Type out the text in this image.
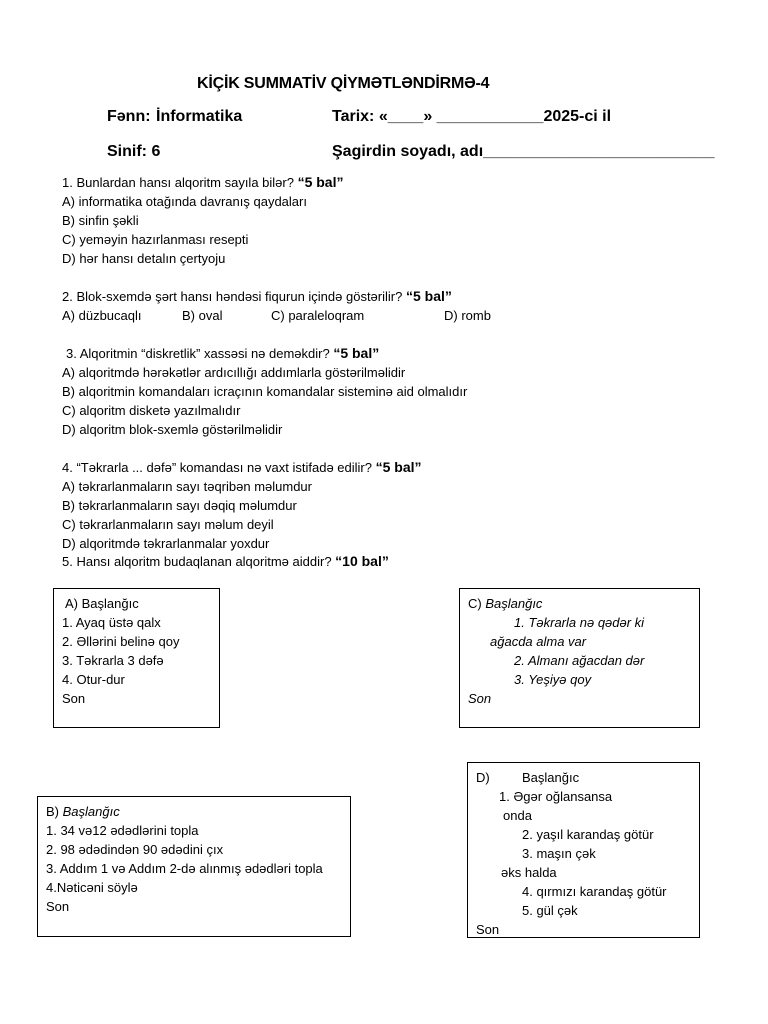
KİÇİK SUMMATİV QİYMƏTLƏNDİRMƏ-4
Fənn: İnformatika	Tarix: «____» ____________2025-ci il
Sinif: 6	Şagirdin soyadı, adı__________________________
1. Bunlardan hansı alqoritm sayıla bilər? “5 bal”
A) informatika otağında davranış qaydaları
B) sinfin şəkli
C) yeməyin hazırlanması resepti
D) hər hansı detalın çertyoju
2. Blok-sxemdə şərt hansı həndəsi fiqurun içində göstərilir? “5 bal”
A) düzbucaqlı	B) oval	C) paraleloqram	D) romb
3. Alqoritmin “diskretlik” xassəsi nə deməkdir? “5 bal”
A) alqoritmdə hərəkətlər ardıcıllığı addımlarla göstərilməlidir
B) alqoritmin komandaları icraçının komandalar sisteminə aid olmalıdır
C) alqoritm disketə yazılmalıdır
D) alqoritm blok-sxemlə göstərilməlidir
4. “Təkrarla ... dəfə” komandası nə vaxt istifadə edilir? “5 bal”
A) təkrarlanmaların sayı təqribən məlumdur
B) təkrarlanmaların sayı dəqiq məlumdur
C) təkrarlanmaların sayı məlum deyil
D) alqoritmdə təkrarlanmalar yoxdur
5. Hansı alqoritm budaqlanan alqoritmə aiddir? “10 bal”
A) Başlanğıc
1. Ayaq üstə qalx
2. Əllərini belinə qoy
3. Təkrarla 3 dəfə
4. Otur-dur
Son
C) Başlanğıc
1. Təkrarla nə qədər ki
ağacda alma var
2. Almanı ağacdan dər
3. Yeşiyə qoy
Son
B) Başlanğıc
1. 34 və12 ədədlərini topla
2. 98 ədədindən 90 ədədini çıx
3. Addım 1 və Addım 2-də alınmış ədədləri topla
4.Nəticəni söylə
Son
D) Başlanğıc
1. Əgər oğlansansa
onda
2. yaşıl karandaş götür
3. maşın çək
əks halda
4. qırmızı karandaş götür
5. gül çək
Son
